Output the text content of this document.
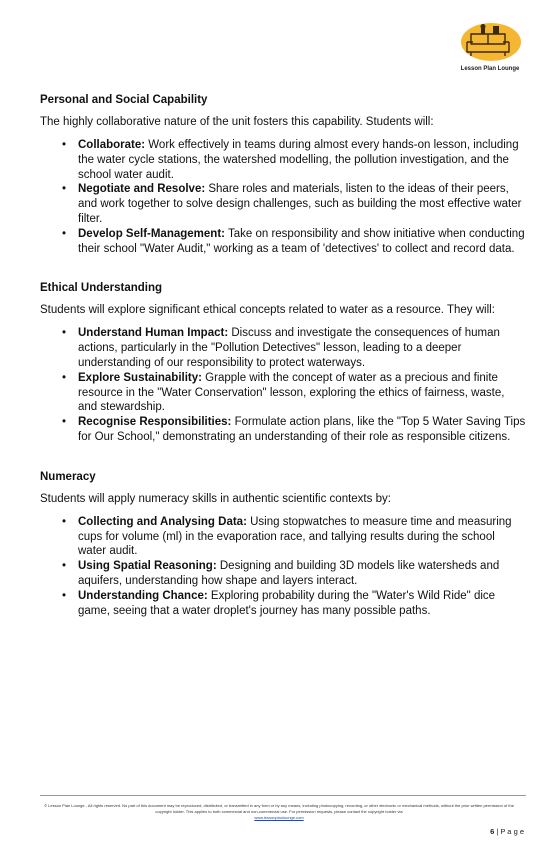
Lesson Plan Lounge

Personal and Social Capability

The highly collaborative nature of the unit fosters this capability. Students will:

• Collaborate: Work effectively in teams during almost every hands-on lesson, including the water cycle stations, the watershed modelling, the pollution investigation, and the school water audit.
• Negotiate and Resolve: Share roles and materials, listen to the ideas of their peers, and work together to solve design challenges, such as building the most effective water filter.
• Develop Self-Management: Take on responsibility and show initiative when conducting their school "Water Audit," working as a team of 'detectives' to collect and record data.

Ethical Understanding

Students will explore significant ethical concepts related to water as a resource. They will:

• Understand Human Impact: Discuss and investigate the consequences of human actions, particularly in the "Pollution Detectives" lesson, leading to a deeper understanding of our responsibility to protect waterways.
• Explore Sustainability: Grapple with the concept of water as a precious and finite resource in the "Water Conservation" lesson, exploring the ethics of fairness, waste, and stewardship.
• Recognise Responsibilities: Formulate action plans, like the "Top 5 Water Saving Tips for Our School," demonstrating an understanding of their role as responsible citizens.

Numeracy

Students will apply numeracy skills in authentic scientific contexts by:

• Collecting and Analysing Data: Using stopwatches to measure time and measuring cups for volume (ml) in the evaporation race, and tallying results during the school water audit.
• Using Spatial Reasoning: Designing and building 3D models like watersheds and aquifers, understanding how shape and layers interact.
• Understanding Chance: Exploring probability during the "Water's Wild Ride" dice game, seeing that a water droplet's journey has many possible paths.
© Lesson Plan Lounge - All rights reserved. No part of this document may be reproduced, distributed, or transmitted in any form or by any means, including photocopying, recording, or other electronic or mechanical methods, without the prior written permission of the copyright holder. This applies to both commercial and non-commercial use. For permission requests, please contact the copyright holder via
www.lessonplanlounge.com
6 | P a g e
